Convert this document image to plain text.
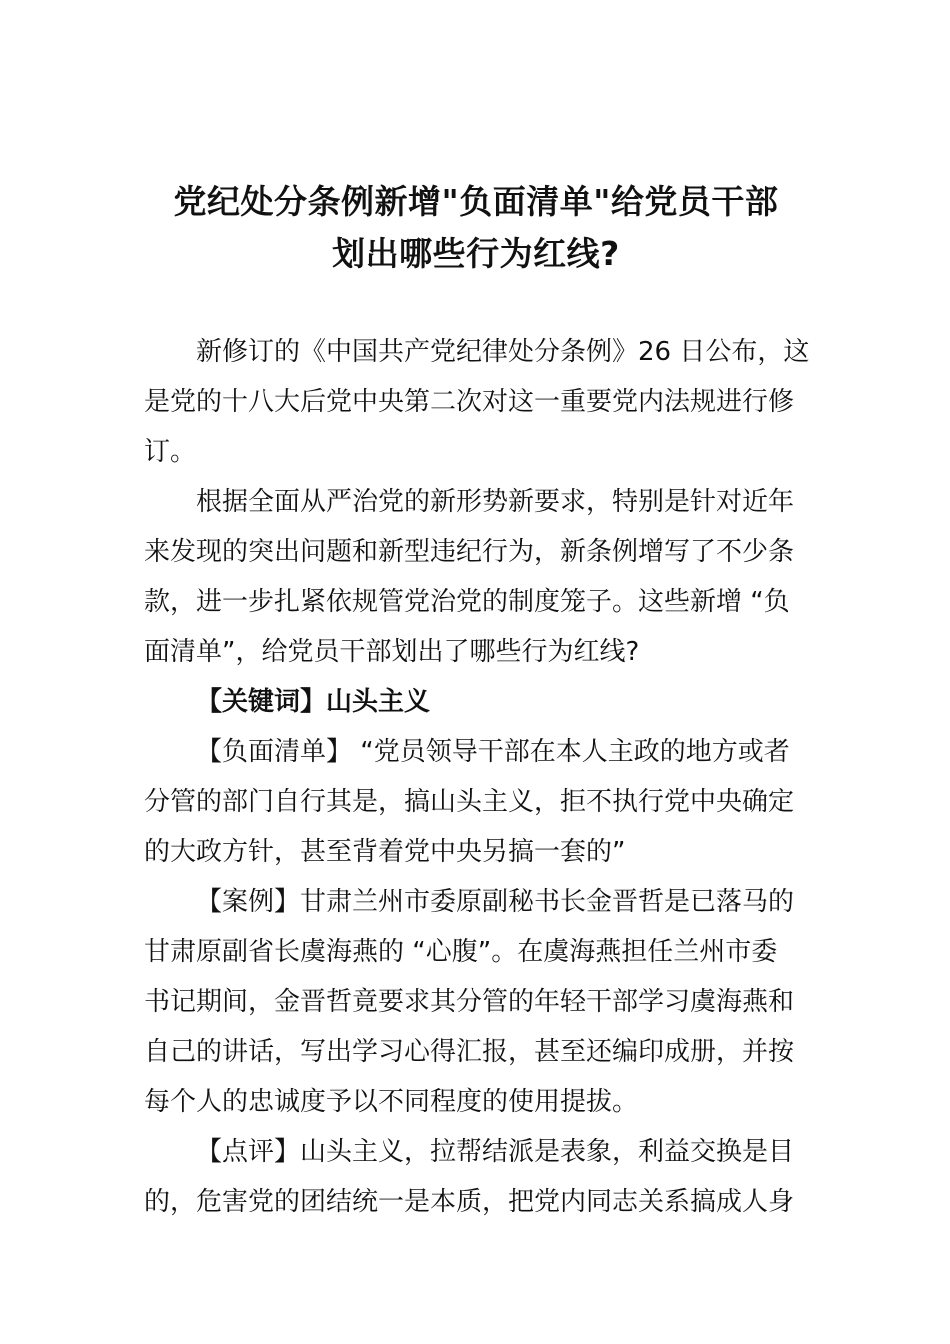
党纪处分条例新增"负面清单"给党员干部
划出哪些行为红线?

新修订的《中国共产党纪律处分条例》26 日公布，这
是党的十八大后党中央第二次对这一重要党内法规进行修
订。

根据全面从严治党的新形势新要求，特别是针对近年
来发现的突出问题和新型违纪行为，新条例增写了不少条
款，进一步扎紧依规管党治党的制度笼子。这些新增 “负
面清单”，给党员干部划出了哪些行为红线?

【关键词】山头主义

【负面清单】 “党员领导干部在本人主政的地方或者
分管的部门自行其是，搞山头主义，拒不执行党中央确定
的大政方针，甚至背着党中央另搞一套的”

【案例】甘肃兰州市委原副秘书长金晋哲是已落马的
甘肃原副省长虞海燕的 “心腹”。在虞海燕担任兰州市委
书记期间，金晋哲竟要求其分管的年轻干部学习虞海燕和
自己的讲话，写出学习心得汇报，甚至还编印成册，并按
每个人的忠诚度予以不同程度的使用提拔。

【点评】山头主义，拉帮结派是表象，利益交换是目
的，危害党的团结统一是本质，把党内同志关系搞成人身
